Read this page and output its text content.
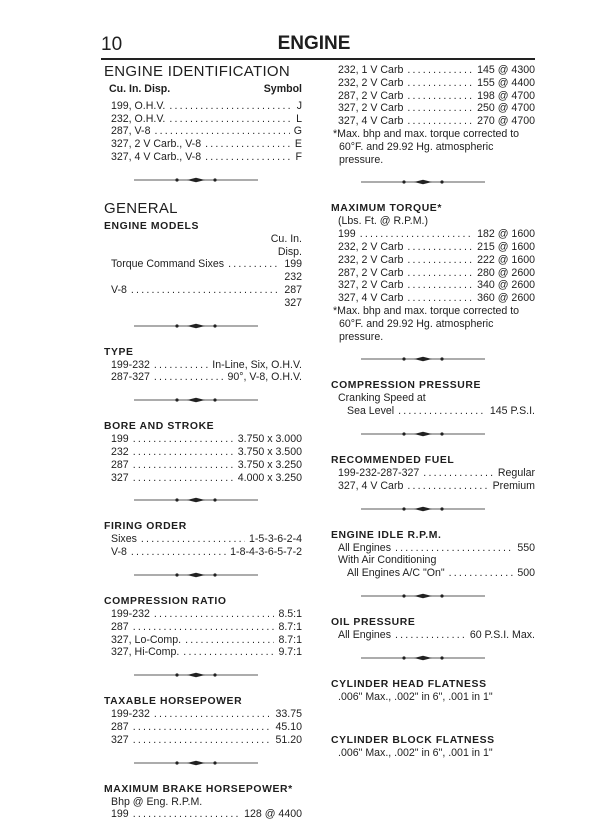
10	ENGINE
ENGINE IDENTIFICATION
Cu. In. Disp.	Symbol
199, O.H.V. .....	J
232, O.H.V. .....	L
287, V-8 .....	G
327, 2 V Carb., V-8 .....	E
327, 4 V Carb., V-8 .....	F
GENERAL
ENGINE MODELS
Cu. In.
Disp.
Torque Command Sixes .....	199
232
V-8 .....	287
327
TYPE
199-232 .....	In-Line, Six, O.H.V.
287-327 .....	90°, V-8, O.H.V.
BORE AND STROKE
199 .....	3.750 x 3.000
232 .....	3.750 x 3.500
287 .....	3.750 x 3.250
327 .....	4.000 x 3.250
FIRING ORDER
Sixes .....	1-5-3-6-2-4
V-8 .....	1-8-4-3-6-5-7-2
COMPRESSION RATIO
199-232 .....	8.5:1
287 .....	8.7:1
327, Lo-Comp. .....	8.7:1
327, Hi-Comp. .....	9.7:1
TAXABLE HORSEPOWER
199-232 .....	33.75
287 .....	45.10
327 .....	51.20
MAXIMUM BRAKE HORSEPOWER*
Bhp @ Eng. R.P.M.
199 .....	128 @ 4400
232, 1 V Carb .....	145 @ 4300
232, 2 V Carb .....	155 @ 4400
287, 2 V Carb .....	198 @ 4700
327, 2 V Carb .....	250 @ 4700
327, 4 V Carb .....	270 @ 4700
*Max. bhp and max. torque corrected to 60°F. and 29.92 Hg. atmospheric pressure.
MAXIMUM TORQUE*
(Lbs. Ft. @ R.P.M.)
199 .....	182 @ 1600
232, 2 V Carb .....	215 @ 1600
232, 2 V Carb .....	222 @ 1600
287, 2 V Carb .....	280 @ 2600
327, 2 V Carb .....	340 @ 2600
327, 4 V Carb .....	360 @ 2600
*Max. bhp and max. torque corrected to 60°F. and 29.92 Hg. atmospheric pressure.
COMPRESSION PRESSURE
Cranking Speed at
Sea Level .....	145 P.S.I.
RECOMMENDED FUEL
199-232-287-327 .....	Regular
327, 4 V Carb .....	Premium
ENGINE IDLE R.P.M.
All Engines .....	550
With Air Conditioning
All Engines A/C "On" .....	500
OIL PRESSURE
All Engines .....	60 P.S.I. Max.
CYLINDER HEAD FLATNESS
.006" Max., .002" in 6", .001 in 1"
CYLINDER BLOCK FLATNESS
.006" Max., .002" in 6", .001 in 1"
